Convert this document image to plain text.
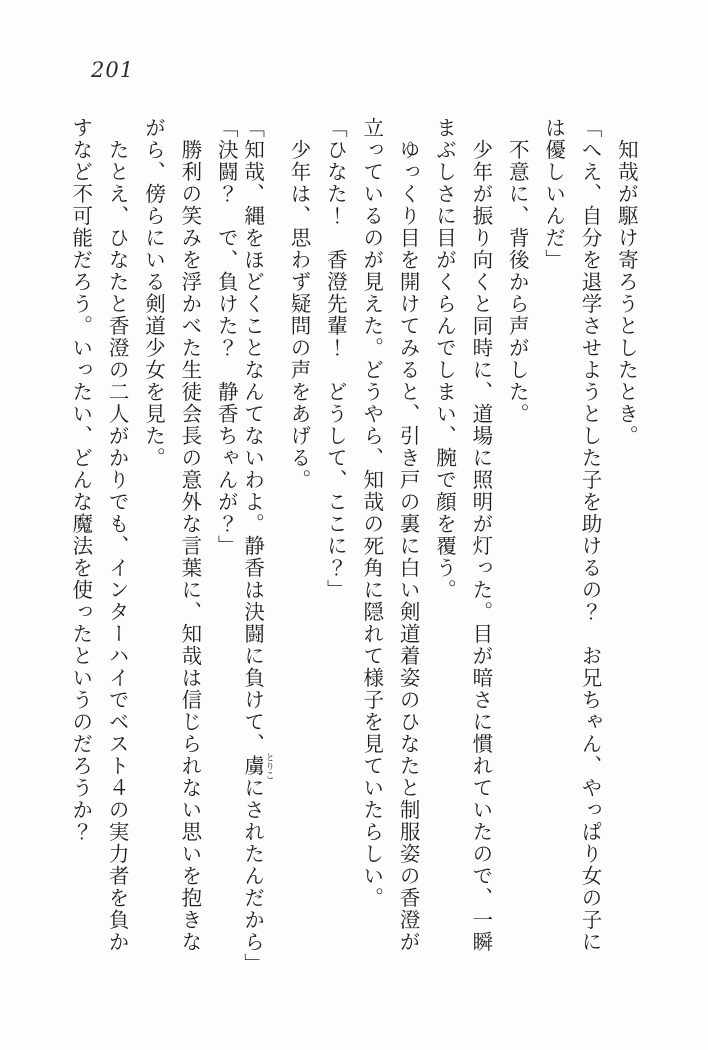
201
知哉が駆け寄ろうとしたとき。
「へえ、自分を退学させようとした子を助けるの？　お兄ちゃん、やっぱり女の子に
は優しいんだ」
不意に、背後から声がした。
少年が振り向くと同時に、道場に照明が灯った。目が暗さに慣れていたので、一瞬
まぶしさに目がくらんでしまい、腕で顔を覆う。
ゆっくり目を開けてみると、引き戸の裏に白い剣道着姿のひなたと制服姿の香澄が
立っているのが見えた。どうやら、知哉の死角に隠れて様子を見ていたらしい。
「ひなた！　香澄先輩！　どうして、ここに？」
少年は、思わず疑問の声をあげる。
「知哉、縄をほどくことなんてないわよ。静香は決闘に負けて、虜 とりこにされたんだから」
「決闘？　で、負けた？　静香ちゃんが？」
勝利の笑みを浮かべた生徒会長の意外な言葉に、知哉は信じられない思いを抱きな
がら、傍らにいる剣道少女を見た。
たとえ、ひなたと香澄の二人がかりでも、インターハイでベスト４の実力者を負か
すなど不可能だろう。いったい、どんな魔法を使ったというのだろうか？
